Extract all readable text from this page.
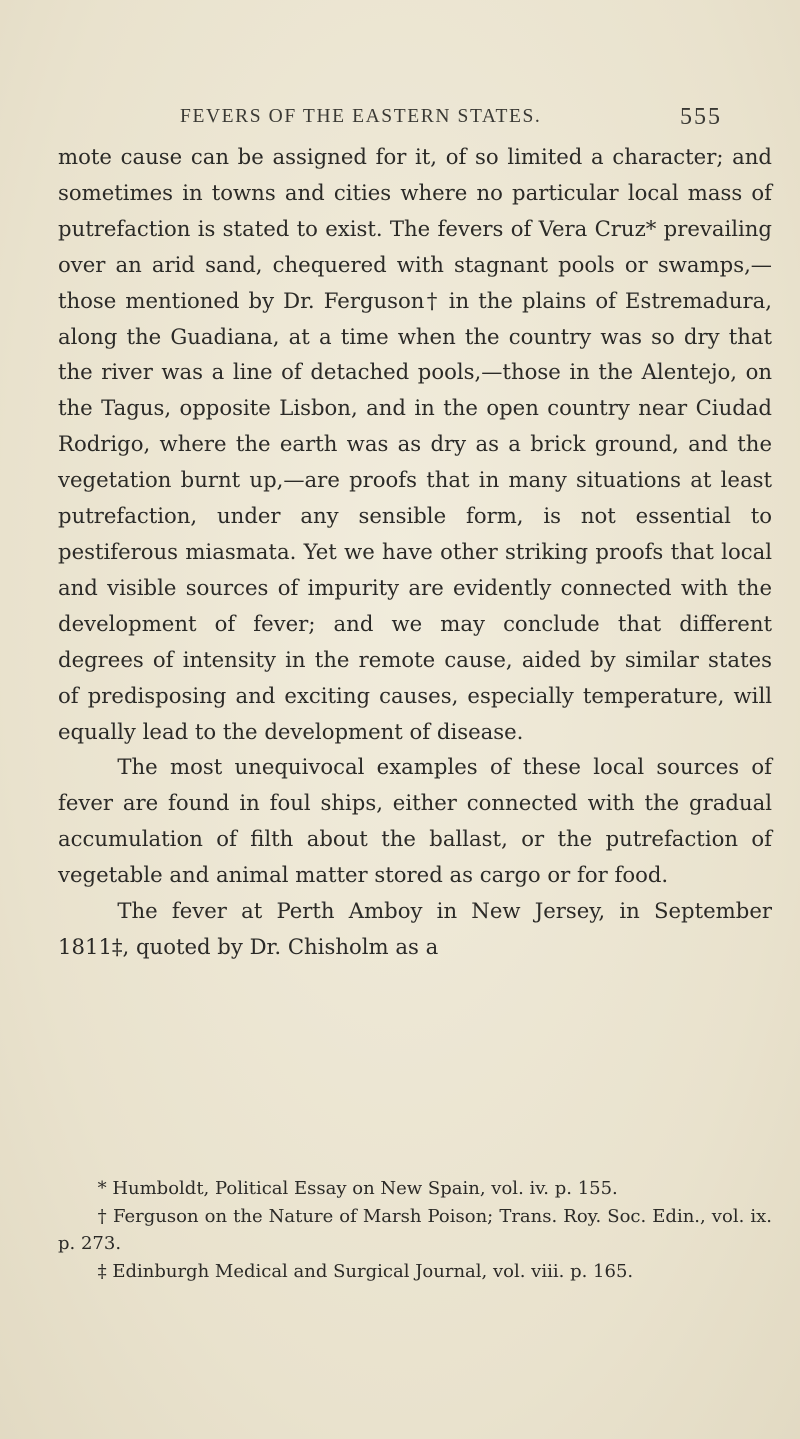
FEVERS OF THE EASTERN STATES.	555

mote cause can be assigned for it, of so limited a character; and sometimes in towns and cities where no particular local mass of putrefaction is stated to exist. The fevers of Vera Cruz* prevailing over an arid sand, chequered with stagnant pools or swamps,—those mentioned by Dr. Ferguson† in the plains of Estremadura, along the Guadiana, at a time when the country was so dry that the river was a line of detached pools,—those in the Alentejo, on the Tagus, opposite Lisbon, and in the open country near Ciudad Rodrigo, where the earth was as dry as a brick ground, and the vegetation burnt up,—are proofs that in many situations at least putrefaction, under any sensible form, is not essential to pestiferous miasmata. Yet we have other striking proofs that local and visible sources of impurity are evidently connected with the development of fever; and we may conclude that different degrees of intensity in the remote cause, aided by similar states of predisposing and exciting causes, especially temperature, will equally lead to the development of disease.

The most unequivocal examples of these local sources of fever are found in foul ships, either connected with the gradual accumulation of filth about the ballast, or the putrefaction of vegetable and animal matter stored as cargo or for food.

The fever at Perth Amboy in New Jersey, in September 1811‡, quoted by Dr. Chisholm as a

* Humboldt, Political Essay on New Spain, vol. iv. p. 155.

† Ferguson on the Nature of Marsh Poison; Trans. Roy. Soc. Edin., vol. ix. p. 273.

‡ Edinburgh Medical and Surgical Journal, vol. viii. p. 165.
